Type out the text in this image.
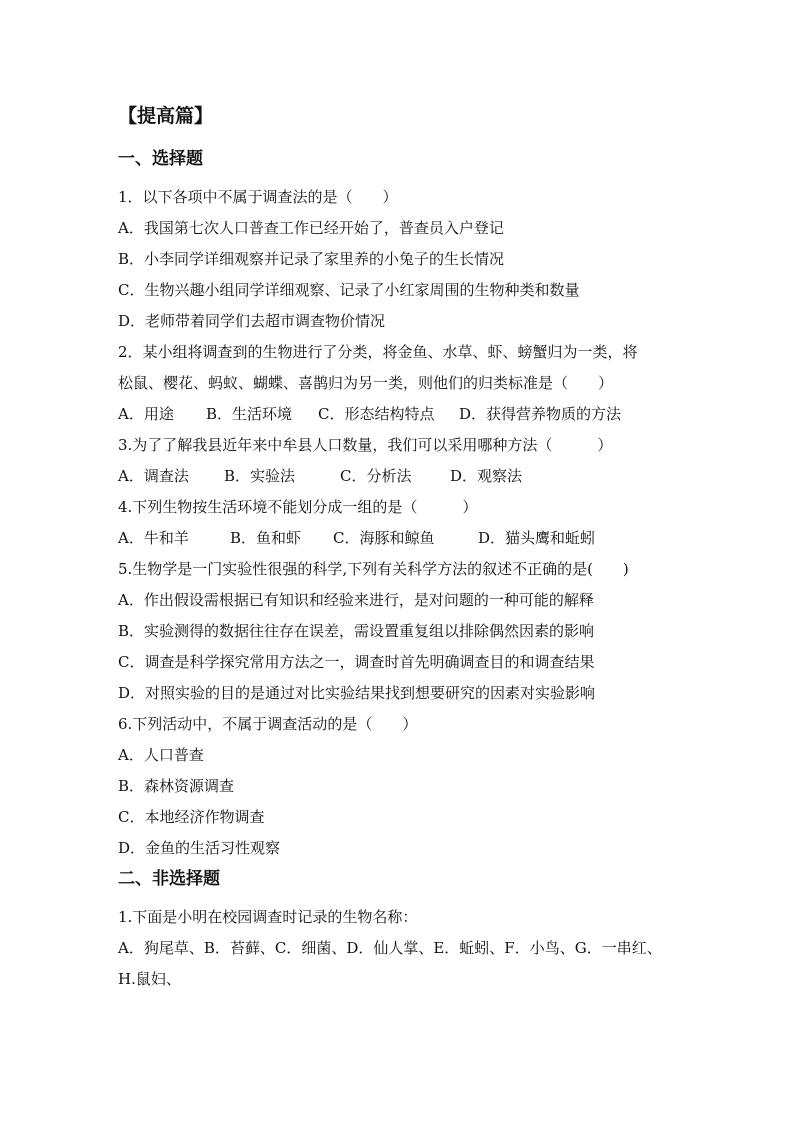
【提高篇】
一、选择题
1．以下各项中不属于调查法的是（　　）
A．我国第七次人口普查工作已经开始了，普查员入户登记
B．小李同学详细观察并记录了家里养的小兔子的生长情况
C．生物兴趣小组同学详细观察、记录了小红家周围的生物种类和数量
D．老师带着同学们去超市调查物价情况
2．某小组将调查到的生物进行了分类，将金鱼、水草、虾、螃蟹归为一类，将
松鼠、樱花、蚂蚁、蝴蝶、喜鹊归为另一类，则他们的归类标准是（　　）
A．用途	B．生活环境	C．形态结构特点	D．获得营养物质的方法
3.为了了解我县近年来中牟县人口数量，我们可以采用哪种方法（　　　）
A．调查法	B．实验法	C．分析法	D．观察法
4.下列生物按生活环境不能划分成一组的是（　　　）
A．牛和羊	B．鱼和虾	C．海豚和鲸鱼	D．猫头鹰和蚯蚓
5.生物学是一门实验性很强的科学,下列有关科学方法的叙述不正确的是(　　)
A．作出假设需根据已有知识和经验来进行，是对问题的一种可能的解释
B．实验测得的数据往往存在误差，需设置重复组以排除偶然因素的影响
C．调查是科学探究常用方法之一，调查时首先明确调查目的和调查结果
D．对照实验的目的是通过对比实验结果找到想要研究的因素对实验影响
6.下列活动中，不属于调查活动的是（　　）
A．人口普查
B．森林资源调查
C．本地经济作物调查
D．金鱼的生活习性观察
二、非选择题
1.下面是小明在校园调查时记录的生物名称：
A．狗尾草、B．苔藓、C．细菌、D．仙人掌、E．蚯蚓、F．小鸟、G．一串红、H.鼠妇、
